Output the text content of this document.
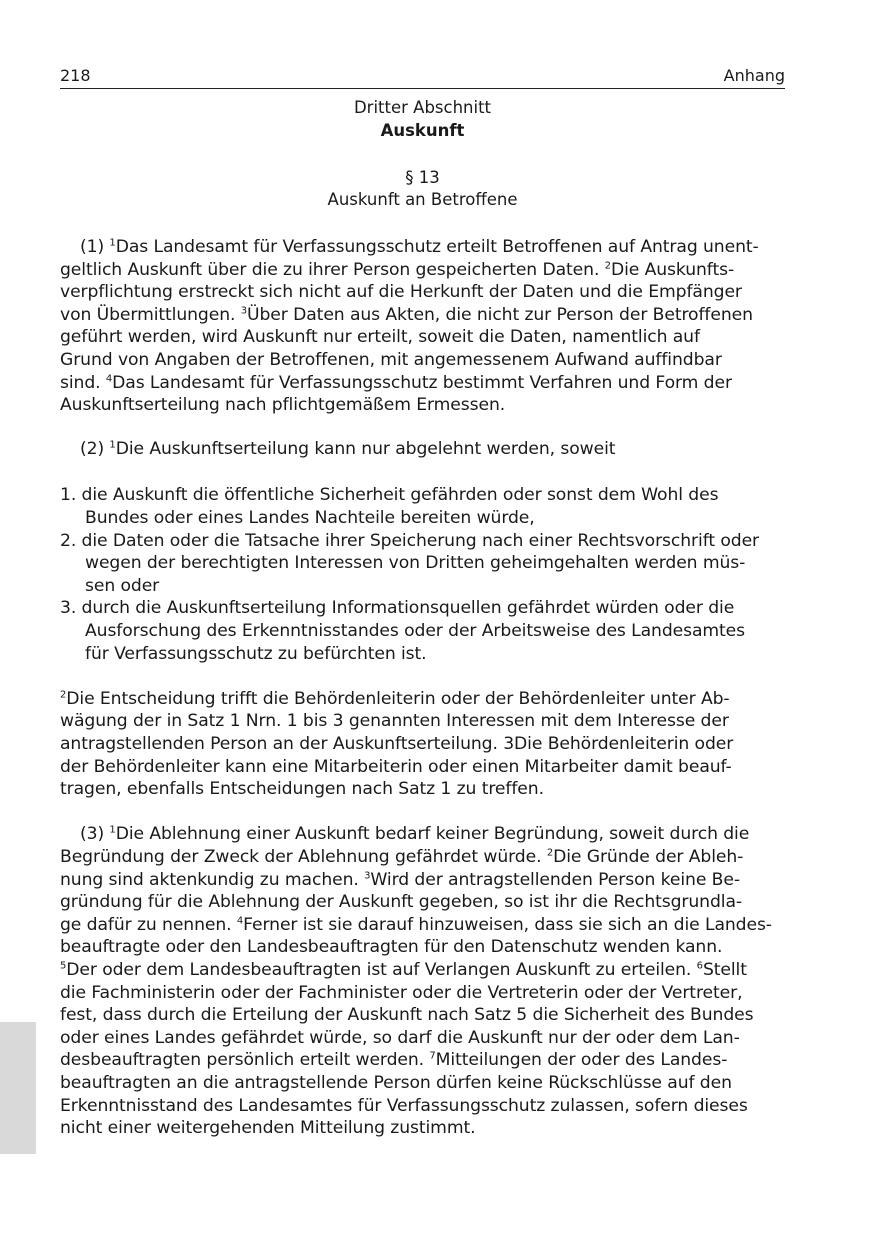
218	Anhang
Dritter Abschnitt
Auskunft
§ 13
Auskunft an Betroffene
(1) $^1$Das Landesamt für Verfassungsschutz erteilt Betroffenen auf Antrag unent-
geltlich Auskunft über die zu ihrer Person gespeicherten Daten. $^2$Die Auskunfts-
verpflichtung erstreckt sich nicht auf die Herkunft der Daten und die Empfänger
von Übermittlungen. $^3$Über Daten aus Akten, die nicht zur Person der Betroffenen
geführt werden, wird Auskunft nur erteilt, soweit die Daten, namentlich auf
Grund von Angaben der Betroffenen, mit angemessenem Aufwand auffindbar
sind. $^4$Das Landesamt für Verfassungsschutz bestimmt Verfahren und Form der
Auskunftserteilung nach pflichtgemäßem Ermessen.
(2) $^1$Die Auskunftserteilung kann nur abgelehnt werden, soweit
1. die Auskunft die öffentliche Sicherheit gefährden oder sonst dem Wohl des
Bundes oder eines Landes Nachteile bereiten würde,
2. die Daten oder die Tatsache ihrer Speicherung nach einer Rechtsvorschrift oder
wegen der berechtigten Interessen von Dritten geheimgehalten werden müs-
sen oder
3. durch die Auskunftserteilung Informationsquellen gefährdet würden oder die
Ausforschung des Erkenntnisstandes oder der Arbeitsweise des Landesamtes
für Verfassungsschutz zu befürchten ist.
$^2$Die Entscheidung trifft die Behördenleiterin oder der Behördenleiter unter Ab-
wägung der in Satz 1 Nrn. 1 bis 3 genannten Interessen mit dem Interesse der
antragstellenden Person an der Auskunftserteilung. 3Die Behördenleiterin oder
der Behördenleiter kann eine Mitarbeiterin oder einen Mitarbeiter damit beauf-
tragen, ebenfalls Entscheidungen nach Satz 1 zu treffen.
(3) $^1$Die Ablehnung einer Auskunft bedarf keiner Begründung, soweit durch die
Begründung der Zweck der Ablehnung gefährdet würde. $^2$Die Gründe der Ableh-
nung sind aktenkundig zu machen. $^3$Wird der antragstellenden Person keine Be-
gründung für die Ablehnung der Auskunft gegeben, so ist ihr die Rechtsgrundla-
ge dafür zu nennen. $^4$Ferner ist sie darauf hinzuweisen, dass sie sich an die Landes-
beauftragte oder den Landesbeauftragten für den Datenschutz wenden kann.
$^5$Der oder dem Landesbeauftragten ist auf Verlangen Auskunft zu erteilen. $^6$Stellt
die Fachministerin oder der Fachminister oder die Vertreterin oder der Vertreter,
fest, dass durch die Erteilung der Auskunft nach Satz 5 die Sicherheit des Bundes
oder eines Landes gefährdet würde, so darf die Auskunft nur der oder dem Lan-
desbeauftragten persönlich erteilt werden. $^7$Mitteilungen der oder des Landes-
beauftragten an die antragstellende Person dürfen keine Rückschlüsse auf den
Erkenntnisstand des Landesamtes für Verfassungsschutz zulassen, sofern dieses
nicht einer weitergehenden Mitteilung zustimmt.
